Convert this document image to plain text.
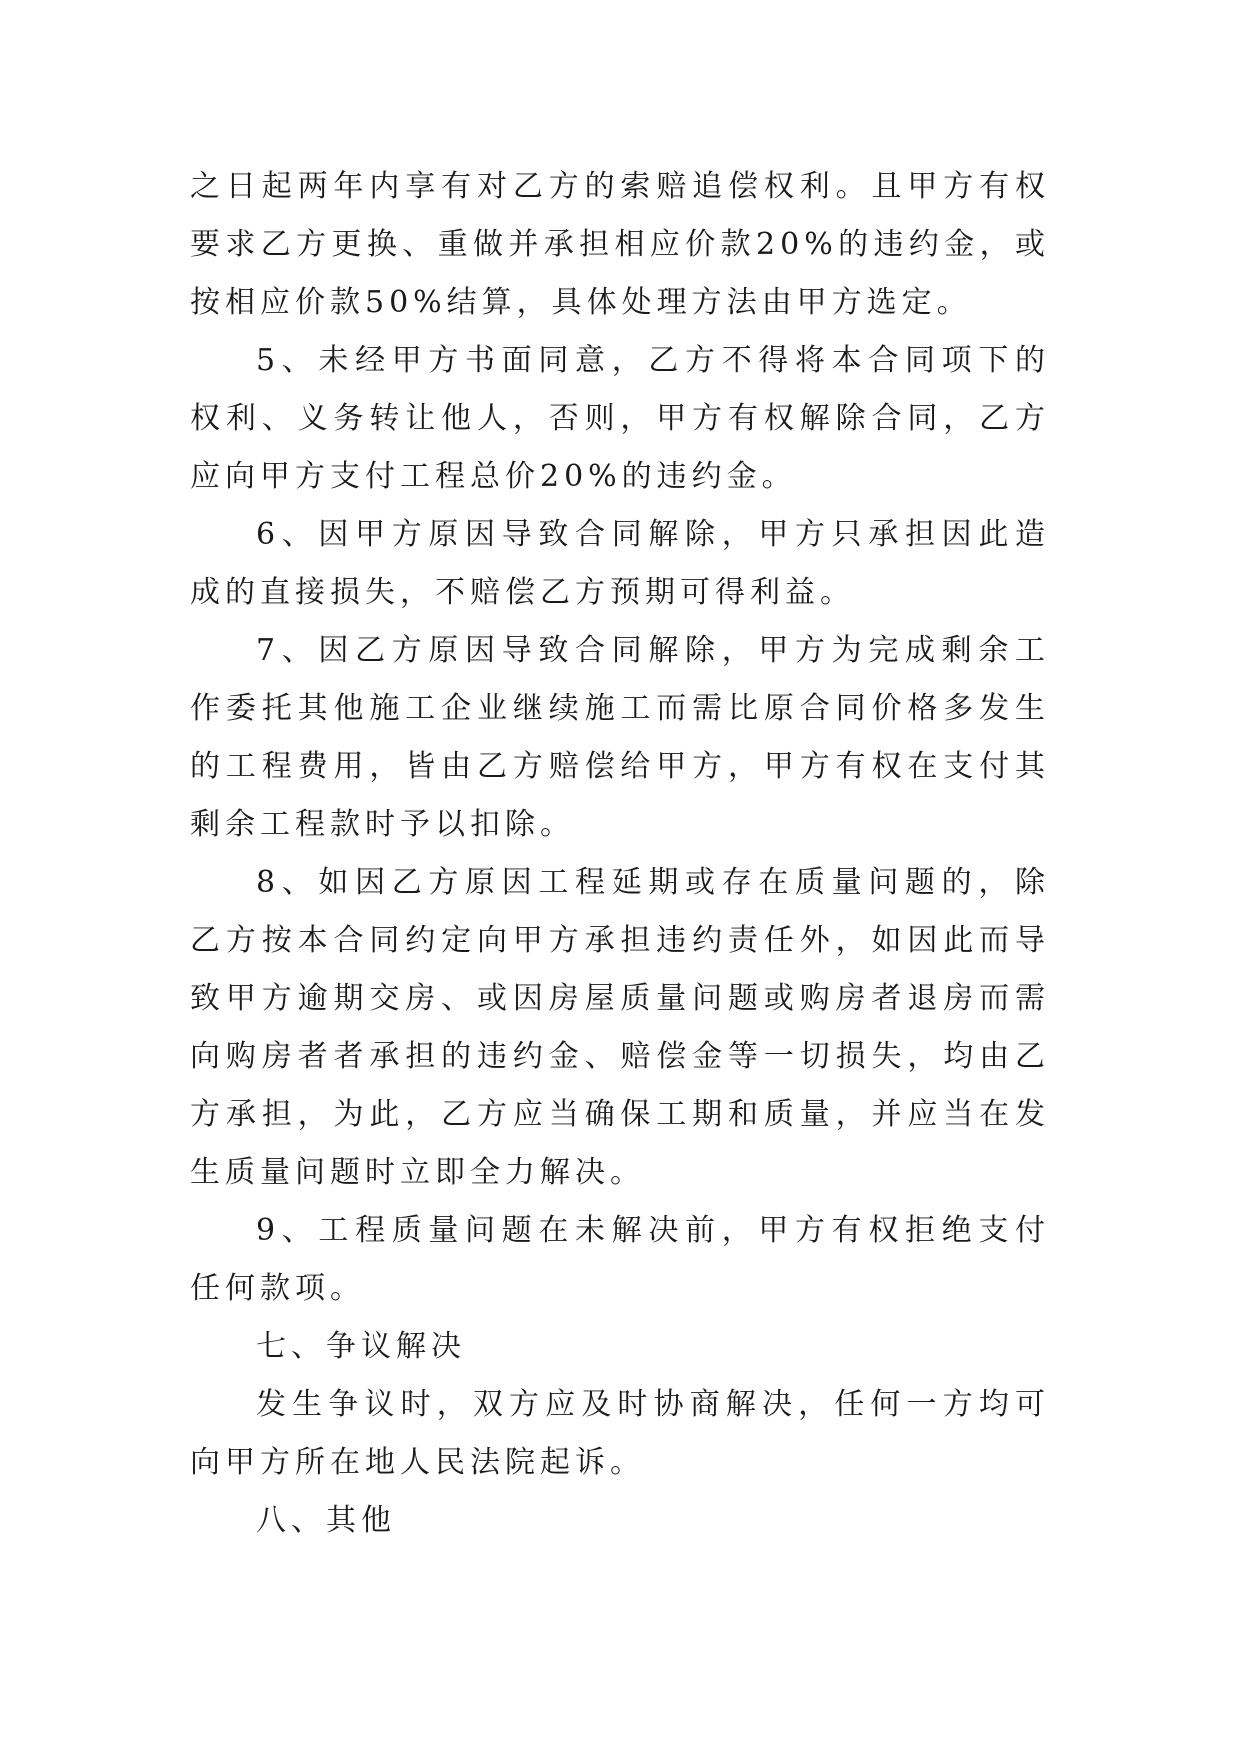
之日起两年内享有对乙方的索赔追偿权利。且甲方有权要求乙方更换、重做并承担相应价款20%的违约金，或按相应价款50%结算，具体处理方法由甲方选定。

5、未经甲方书面同意，乙方不得将本合同项下的权利、义务转让他人，否则，甲方有权解除合同，乙方应向甲方支付工程总价20%的违约金。

6、因甲方原因导致合同解除，甲方只承担因此造成的直接损失，不赔偿乙方预期可得利益。

7、因乙方原因导致合同解除，甲方为完成剩余工作委托其他施工企业继续施工而需比原合同价格多发生的工程费用，皆由乙方赔偿给甲方，甲方有权在支付其剩余工程款时予以扣除。

8、如因乙方原因工程延期或存在质量问题的，除乙方按本合同约定向甲方承担违约责任外，如因此而导致甲方逾期交房、或因房屋质量问题或购房者退房而需向购房者者承担的违约金、赔偿金等一切损失，均由乙方承担，为此，乙方应当确保工期和质量，并应当在发生质量问题时立即全力解决。

9、工程质量问题在未解决前，甲方有权拒绝支付任何款项。

七、争议解决

发生争议时，双方应及时协商解决，任何一方均可向甲方所在地人民法院起诉。

八、其他
